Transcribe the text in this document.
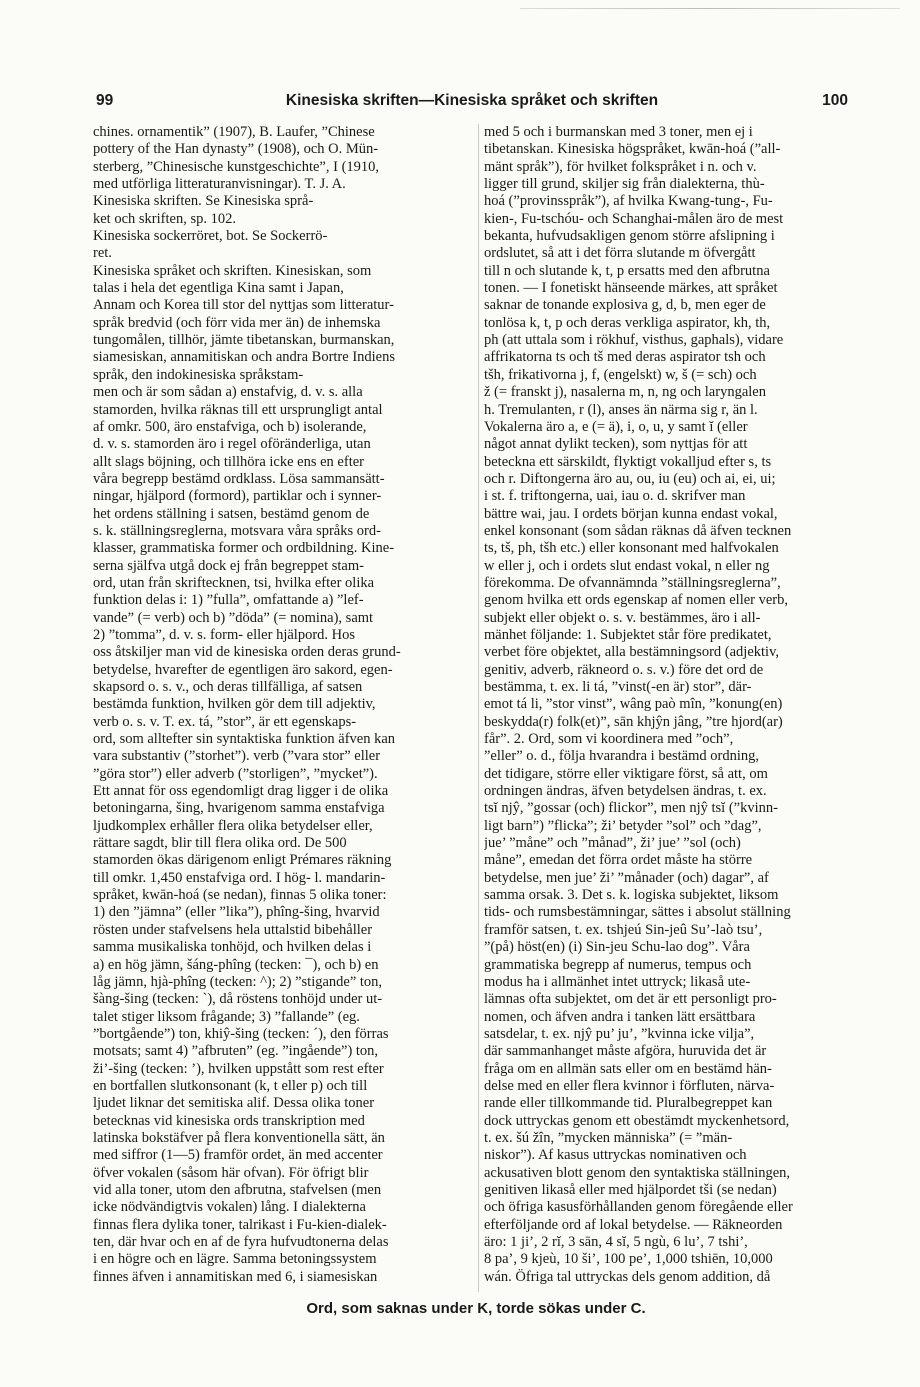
99	Kinesiska skriften—Kinesiska språket och skriften	100
chines. ornamentik” (1907), B. Laufer, ”Chinese
pottery of the Han dynasty” (1908), och O. Mün-
sterberg, ”Chinesische kunstgeschichte”, I (1910,
med utförliga litteraturanvisningar). T. J. A.
Kinesiska skriften. Se Kinesiska språ-
ket och skriften, sp. 102.
Kinesiska sockerröret, bot. Se Sockerrö-
ret.
Kinesiska språket och skriften. Kinesiskan, som
talas i hela det egentliga Kina samt i Japan,
Annam och Korea till stor del nyttjas som litteratur-
språk bredvid (och förr vida mer än) de inhemska
tungomålen, tillhör, jämte tibetanskan, burmanskan,
siamesiskan, annamitiskan och andra Bortre Indiens
språk, den indokinesiska språkstam-
men och är som sådan a) enstafvig, d. v. s. alla
stamorden, hvilka räknas till ett ursprungligt antal
af omkr. 500, äro enstafviga, och b) isolerande,
d. v. s. stamorden äro i regel oföränderliga, utan
allt slags böjning, och tillhöra icke ens en efter
våra begrepp bestämd ordklass. Lösa sammansätt-
ningar, hjälpord (formord), partiklar och i synner-
het ordens ställning i satsen, bestämd genom de
s. k. ställningsreglerna, motsvara våra språks ord-
klasser, grammatiska former och ordbildning. Kine-
serna själfva utgå dock ej från begreppet stam-
ord, utan från skriftecknen, tsi, hvilka efter olika
funktion delas i: 1) ”fulla”, omfattande a) ”lef-
vande” (= verb) och b) ”döda” (= nomina), samt
2) ”tomma”, d. v. s. form- eller hjälpord. Hos
oss åtskiljer man vid de kinesiska orden deras grund-
betydelse, hvarefter de egentligen äro sakord, egen-
skapsord o. s. v., och deras tillfälliga, af satsen
bestämda funktion, hvilken gör dem till adjektiv,
verb o. s. v. T. ex. tá, ”stor”, är ett egenskaps-
ord, som alltefter sin syntaktiska funktion äfven kan
vara substantiv (”storhet”). verb (”vara stor” eller
”göra stor”) eller adverb (”storligen”, ”mycket”).
Ett annat för oss egendomligt drag ligger i de olika
betoningarna, šing, hvarigenom samma enstafviga
ljudkomplex erhåller flera olika betydelser eller,
rättare sagdt, blir till flera olika ord. De 500
stamorden ökas därigenom enligt Prémares räkning
till omkr. 1,450 enstafviga ord. I hög- l. mandarin-
språket, kwān-hoá (se nedan), finnas 5 olika toner:
1) den ”jämna” (eller ”lika”), phîng-šing, hvarvid
rösten under stafvelsens hela uttalstid bibehåller
samma musikaliska tonhöjd, och hvilken delas i
a) en hög jämn, šáng-phîng (tecken: ¯), och b) en
låg jämn, hjà-phîng (tecken: ^); 2) ”stigande” ton,
šàng-šing (tecken: `), då röstens tonhöjd under ut-
talet stiger liksom frågande; 3) ”fallande” (eg.
”bortgående”) ton, khiŷ-šing (tecken: ´), den förras
motsats; samt 4) ”afbruten” (eg. ”ingående”) ton,
ži’-šing (tecken: ’), hvilken uppstått som rest efter
en bortfallen slutkonsonant (k, t eller p) och till
ljudet liknar det semitiska alif. Dessa olika toner
betecknas vid kinesiska ords transkription med
latinska bokstäfver på flera konventionella sätt, än
med siffror (1—5) framför ordet, än med accenter
öfver vokalen (såsom här ofvan). För öfrigt blir
vid alla toner, utom den afbrutna, stafvelsen (men
icke nödvändigtvis vokalen) lång. I dialekterna
finnas flera dylika toner, talrikast i Fu-kien-dialek-
ten, där hvar och en af de fyra hufvudtonerna delas
i en högre och en lägre. Samma betoningssystem
finnes äfven i annamitiskan med 6, i siamesiskan
med 5 och i burmanskan med 3 toner, men ej i
tibetanskan. Kinesiska högspråket, kwān-hoá (”all-
mänt språk”), för hvilket folkspråket i n. och v.
ligger till grund, skiljer sig från dialekterna, thù-
hoá (”provinsspråk”), af hvilka Kwang-tung-, Fu-
kien-, Fu-tschóu- och Schanghai-målen äro de mest
bekanta, hufvudsakligen genom större afslipning i
ordslutet, så att i det förra slutande m öfvergått
till n och slutande k, t, p ersatts med den afbrutna
tonen. — I fonetiskt hänseende märkes, att språket
saknar de tonande explosiva g, d, b, men eger de
tonlösa k, t, p och deras verkliga aspirator, kh, th,
ph (att uttala som i rökhuf, visthus, gaphals), vidare
affrikatorna ts och tš med deras aspirator tsh och
tšh, frikativorna j, f, (engelskt) w, š (= sch) och
ž (= franskt j), nasalerna m, n, ng och laryngalen
h. Tremulanten, r (l), anses än närma sig r, än l.
Vokalerna äro a, e (= ä), i, o, u, y samt ĭ (eller
något annat dylikt tecken), som nyttjas för att
beteckna ett särskildt, flyktigt vokalljud efter s, ts
och r. Diftongerna äro au, ou, iu (eu) och ai, ei, ui;
i st. f. triftongerna, uai, iau o. d. skrifver man
bättre wai, jau. I ordets början kunna endast vokal,
enkel konsonant (som sådan räknas då äfven tecknen
ts, tš, ph, tšh etc.) eller konsonant med halfvokalen
w eller j, och i ordets slut endast vokal, n eller ng
förekomma. De ofvannämnda ”ställningsreglerna”,
genom hvilka ett ords egenskap af nomen eller verb,
subjekt eller objekt o. s. v. bestämmes, äro i all-
mänhet följande: 1. Subjektet står före predikatet,
verbet före objektet, alla bestämningsord (adjektiv,
genitiv, adverb, räkneord o. s. v.) före det ord de
bestämma, t. ex. li tá, ”vinst(-en är) stor”, där-
emot tá li, ”stor vinst”, wâng paò mîn, ”konung(en)
beskydda(r) folk(et)”, sān khjŷn jâng, ”tre hjord(ar)
får”. 2. Ord, som vi koordinera med ”och”,
”eller” o. d., följa hvarandra i bestämd ordning,
det tidigare, större eller viktigare först, så att, om
ordningen ändras, äfven betydelsen ändras, t. ex.
tsĭ njŷ, ”gossar (och) flickor”, men njŷ tsĭ (”kvinn-
ligt barn”) ”flicka”; ži’ betyder ”sol” och ”dag”,
jue’ ”måne” och ”månad”, ži’ jue’ ”sol (och)
måne”, emedan det förra ordet måste ha större
betydelse, men jue’ ži’ ”månader (och) dagar”, af
samma orsak. 3. Det s. k. logiska subjektet, liksom
tids- och rumsbestämningar, sättes i absolut ställning
framför satsen, t. ex. tshjeú Sin-jeû Su’-laò tsu’,
”(på) höst(en) (i) Sin-jeu Schu-lao dog”. Våra
grammatiska begrepp af numerus, tempus och
modus ha i allmänhet intet uttryck; likaså ute-
lämnas ofta subjektet, om det är ett personligt pro-
nomen, och äfven andra i tanken lätt ersättbara
satsdelar, t. ex. njŷ pu’ ju’, ”kvinna icke vilja”,
där sammanhanget måste afgöra, huruvida det är
fråga om en allmän sats eller om en bestämd hän-
delse med en eller flera kvinnor i förfluten, närva-
rande eller tillkommande tid. Pluralbegreppet kan
dock uttryckas genom ett obestämdt myckenhetsord,
t. ex. šú žîn, ”mycken människa” (= ”män-
niskor”). Af kasus uttryckas nominativen och
ackusativen blott genom den syntaktiska ställningen,
genitiven likaså eller med hjälpordet tši (se nedan)
och öfriga kasusförhållanden genom föregående eller
efterföljande ord af lokal betydelse. — Räkneorden
äro: 1 ji’, 2 rĭ, 3 sān, 4 sĭ, 5 ngù, 6 lu’, 7 tshi’,
8 pa’, 9 kjeù, 10 ši’, 100 pe’, 1,000 tshiēn, 10,000
wán. Öfriga tal uttryckas dels genom addition, då
Ord, som saknas under K, torde sökas under C.
